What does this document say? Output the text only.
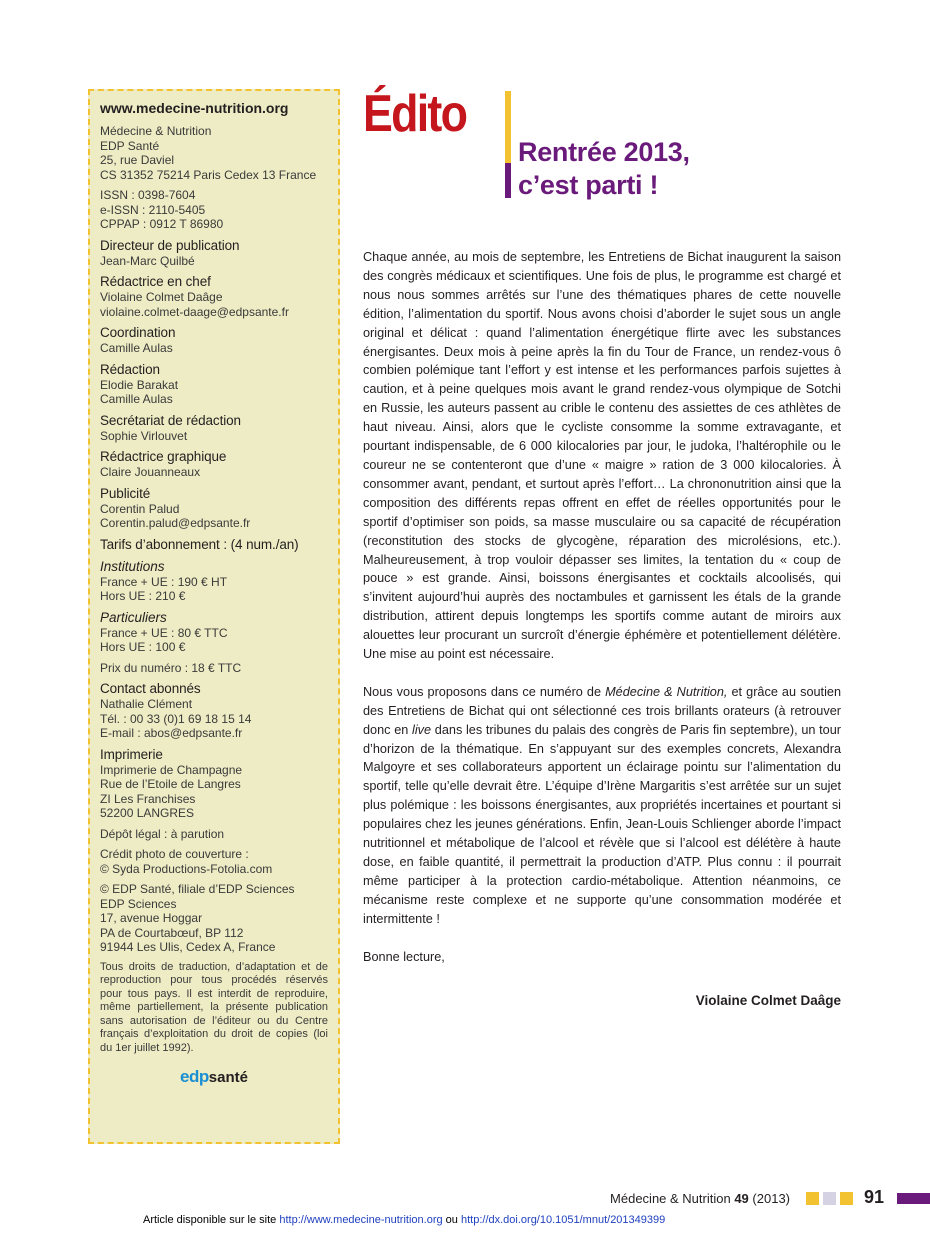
www.medecine-nutrition.org
Médecine & Nutrition
EDP Santé
25, rue Daviel
CS 31352 75214 Paris Cedex 13 France
ISSN : 0398-7604
e-ISSN : 2110-5405
CPPAP : 0912 T 86980
Directeur de publication
Jean-Marc Quilbé
Rédactrice en chef
Violaine Colmet Daâge
violaine.colmet-daage@edpsante.fr
Coordination
Camille Aulas
Rédaction
Elodie Barakat
Camille Aulas
Secrétariat de rédaction
Sophie Virlouvet
Rédactrice graphique
Claire Jouanneaux
Publicité
Corentin Palud
Corentin.palud@edpsante.fr
Tarifs d’abonnement : (4 num./an)
Institutions
France + UE : 190 € HT
Hors UE : 210 €
Particuliers
France + UE : 80 € TTC
Hors UE : 100 €
Prix du numéro : 18 € TTC
Contact abonnés
Nathalie Clément
Tél. : 00 33 (0)1 69 18 15 14
E-mail : abos@edpsante.fr
Imprimerie
Imprimerie de Champagne
Rue de l’Etoile de Langres
ZI Les Franchises
52200 LANGRES
Dépôt légal : à parution
Crédit photo de couverture :
© Syda Productions-Fotolia.com
© EDP Santé, filiale d’EDP Sciences
EDP Sciences
17, avenue Hoggar
PA de Courtabœuf, BP 112
91944 Les Ulis, Cedex A, France
Tous droits de traduction, d’adaptation et de reproduction pour tous procédés réservés pour tous pays. Il est interdit de reproduire, même partiellement, la présente publication sans autorisation de l’éditeur ou du Centre français d’exploitation du droit de copies (loi du 1er juillet 1992).
edpsanté
Édito
Rentrée 2013,
c’est parti !

Chaque année, au mois de septembre, les Entretiens de Bichat inaugurent la saison des congrès médicaux et scientifiques. Une fois de plus, le programme est chargé et nous nous sommes arrêtés sur l’une des thématiques phares de cette nouvelle édition, l’alimentation du sportif. Nous avons choisi d’aborder le sujet sous un angle original et délicat : quand l’alimentation énergétique flirte avec les substances énergisantes. Deux mois à peine après la fin du Tour de France, un rendez-vous ô combien polémique tant l’effort y est intense et les performances parfois sujettes à caution, et à peine quelques mois avant le grand rendez-vous olympique de Sotchi en Russie, les auteurs passent au crible le contenu des assiettes de ces athlètes de haut niveau. Ainsi, alors que le cycliste consomme la somme extravagante, et pourtant indispensable, de 6 000 kilocalories par jour, le judoka, l’haltérophile ou le coureur ne se contenteront que d’une « maigre » ration de 3 000 kilocalories. À consommer avant, pendant, et surtout après l’effort… La chrononutrition ainsi que la composition des différents repas offrent en effet de réelles opportunités pour le sportif d’optimiser son poids, sa masse musculaire ou sa capacité de récupération (reconstitution des stocks de glycogène, réparation des microlésions, etc.). Malheureusement, à trop vouloir dépasser ses limites, la tentation du « coup de pouce » est grande. Ainsi, boissons énergisantes et cocktails alcoolisés, qui s’invitent aujourd’hui auprès des noctambules et garnissent les étals de la grande distribution, attirent depuis longtemps les sportifs comme autant de miroirs aux alouettes leur procurant un surcroît d’énergie éphémère et potentiellement délétère. Une mise au point est nécessaire.

Nous vous proposons dans ce numéro de Médecine & Nutrition, et grâce au soutien des Entretiens de Bichat qui ont sélectionné ces trois brillants orateurs (à retrouver donc en live dans les tribunes du palais des congrès de Paris fin septembre), un tour d’horizon de la thématique. En s’appuyant sur des exemples concrets, Alexandra Malgoyre et ses collaborateurs apportent un éclairage pointu sur l’alimentation du sportif, telle qu’elle devrait être. L’équipe d’Irène Margaritis s’est arrêtée sur un sujet plus polémique : les boissons énergisantes, aux propriétés incertaines et pourtant si populaires chez les jeunes générations. Enfin, Jean-Louis Schlienger aborde l’impact nutritionnel et métabolique de l’alcool et révèle que si l’alcool est délétère à haute dose, en faible quantité, il permettrait la production d’ATP. Plus connu : il pourrait même participer à la protection cardio-métabolique. Attention néanmoins, ce mécanisme reste complexe et ne supporte qu’une consommation modérée et intermittente !

Bonne lecture,

Violaine Colmet Daâge
Médecine & Nutrition 49 (2013)	91
Article disponible sur le site http://www.medecine-nutrition.org ou http://dx.doi.org/10.1051/mnut/201349399
